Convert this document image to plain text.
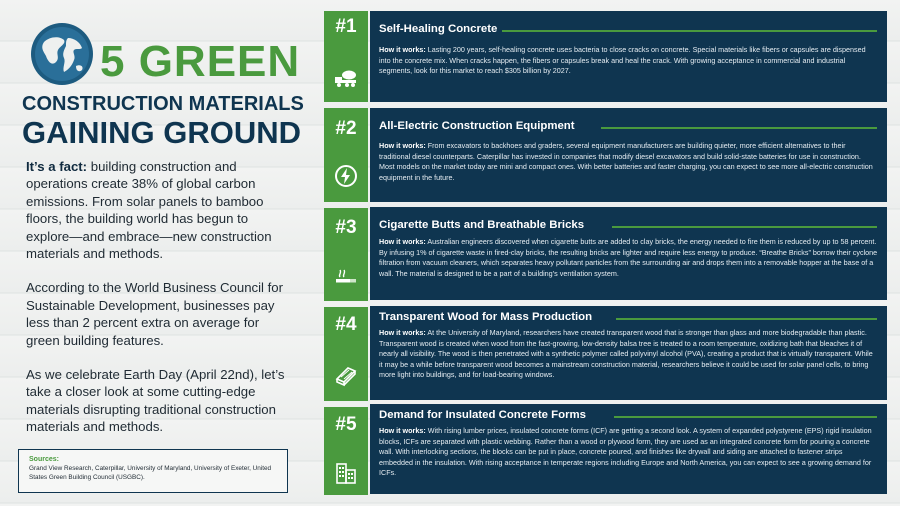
5 GREEN
CONSTRUCTION MATERIALS
GAINING GROUND

It’s a fact: building construction and operations create 38% of global carbon emissions. From solar panels to bamboo floors, the building world has begun to explore—and embrace—new construction materials and methods.

According to the World Business Council for Sustainable Development, businesses pay less than 2 percent extra on average for green building features.

As we celebrate Earth Day (April 22nd), let’s take a closer look at some cutting-edge materials disrupting traditional construction materials and methods.

Sources:
Grand View Research, Caterpillar, University of Maryland, University of Exeter, United States Green Building Council (USGBC).
#1
#2
#3
#4
#5
Self-Healing Concrete
How it works: Lasting 200 years, self-healing concrete uses bacteria to close cracks on concrete. Special materials like fibers or capsules are dispensed into the concrete mix. When cracks happen, the fibers or capsules break and heal the crack. With growing acceptance in commercial and industrial segments, look for this market to reach $305 billion by 2027.
All-Electric Construction Equipment
How it works: From excavators to backhoes and graders, several equipment manufacturers are building quieter, more efficient alternatives to their traditional diesel counterparts. Caterpillar has invested in companies that modify diesel excavators and build solid-state batteries for use in construction. Most models on the market today are mini and compact ones. With better batteries and faster charging, you can expect to see more all-electric construction equipment in the future.
Cigarette Butts and Breathable Bricks
How it works: Australian engineers discovered when cigarette butts are added to clay bricks, the energy needed to fire them is reduced by up to 58 percent. By infusing 1% of cigarette waste in fired-clay bricks, the resulting bricks are lighter and require less energy to produce. “Breathe Bricks” borrow their cyclone filtration from vacuum cleaners, which separates heavy pollutant particles from the surrounding air and drops them into a removable hopper at the base of a wall. The material is designed to be a part of a building’s ventilation system.
Transparent Wood for Mass Production
How it works: At the University of Maryland, researchers have created transparent wood that is stronger than glass and more biodegradable than plastic. Transparent wood is created when wood from the fast-growing, low-density balsa tree is treated to a room temperature, oxidizing bath that bleaches it of nearly all visibility. The wood is then penetrated with a synthetic polymer called polyvinyl alcohol (PVA), creating a product that is virtually transparent. While it may be a while before transparent wood becomes a mainstream construction material, researchers believe it could be used for solar panel cells, to bring more light into buildings, and for load-bearing windows.
Demand for Insulated Concrete Forms
How it works: With rising lumber prices, insulated concrete forms (ICF) are getting a second look. A system of expanded polystyrene (EPS) rigid insulation blocks, ICFs are separated with plastic webbing. Rather than a wood or plywood form, they are used as an integrated concrete form for pouring a concrete wall. With interlocking sections, the blocks can be put in place, concrete poured, and finishes like drywall and siding are attached to fastener strips embedded in the insulation. With rising acceptance in temperate regions including Europe and North America, you can expect to see a growing demand for ICFs.
